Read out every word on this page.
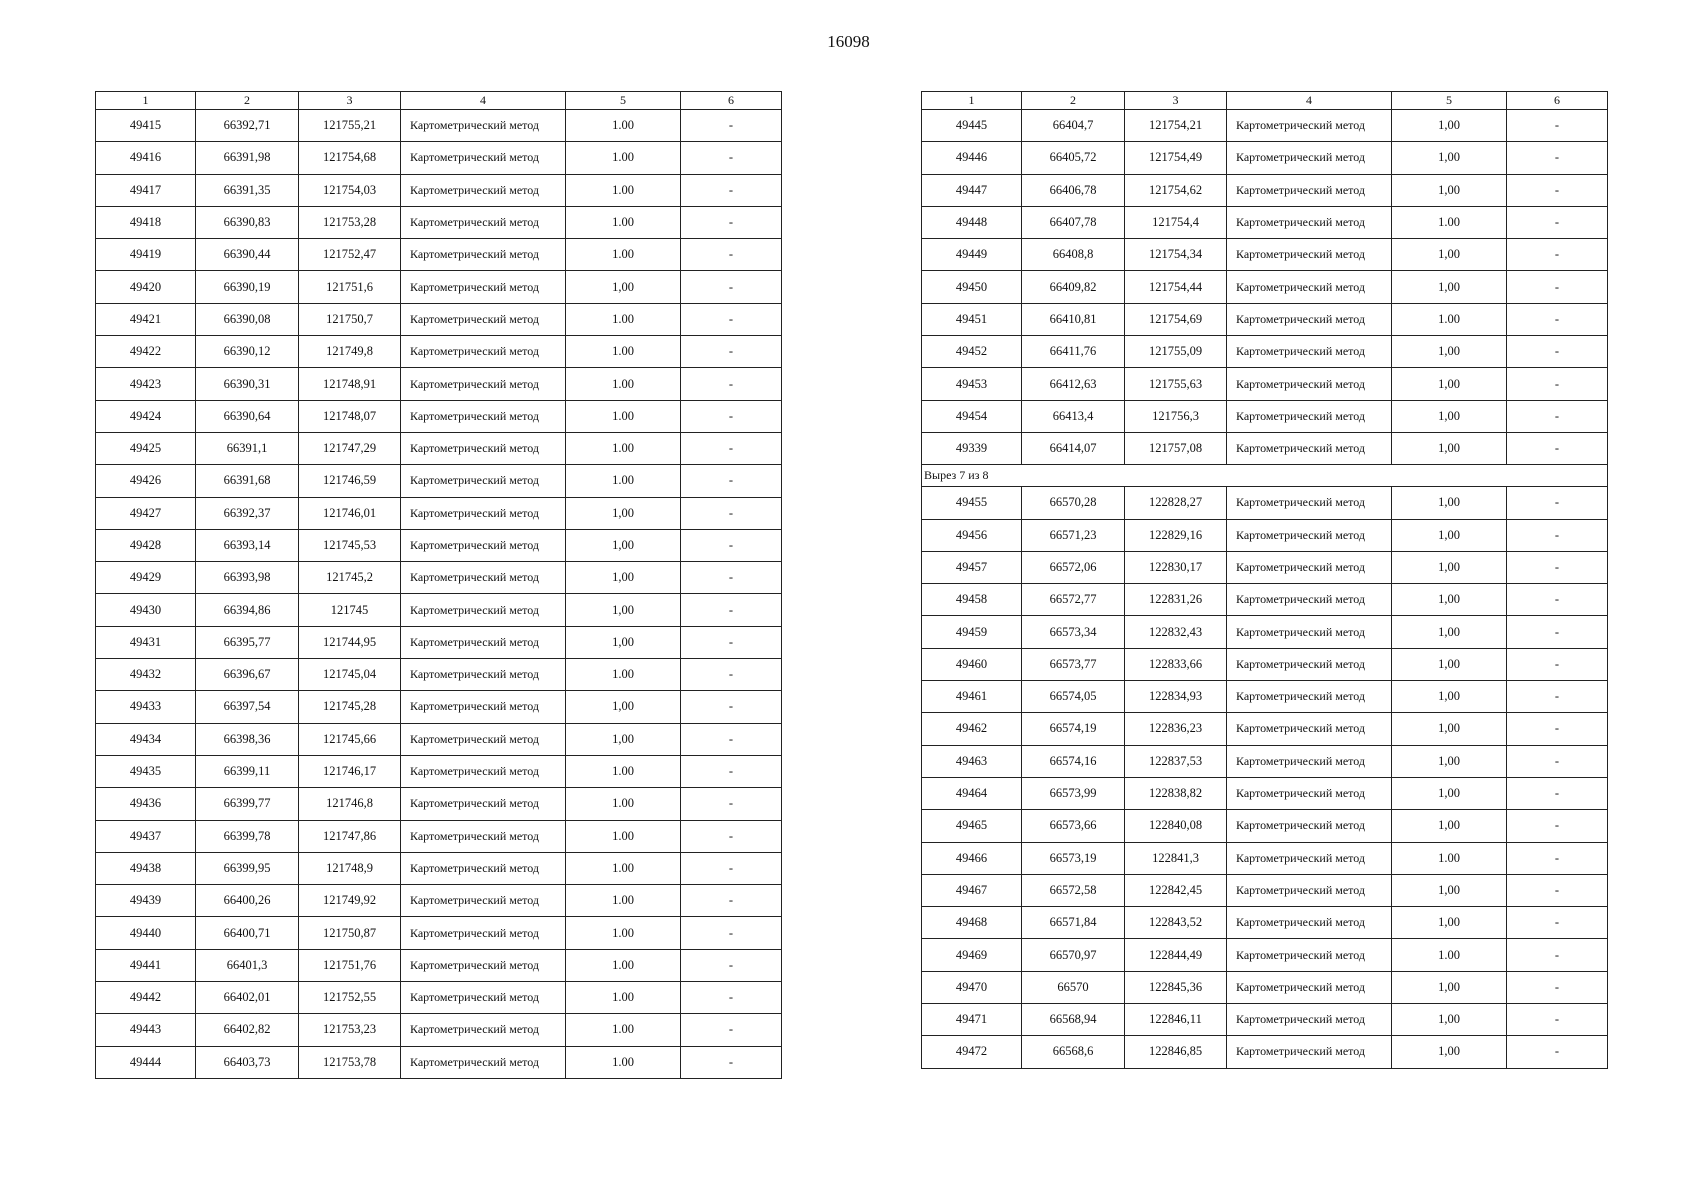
16098
1	2	3	4	5	6
49415	66392,71	121755,21	Картометрический метод	1.00	-
49416	66391,98	121754,68	Картометрический метод	1.00	-
49417	66391,35	121754,03	Картометрический метод	1.00	-
49418	66390,83	121753,28	Картометрический метод	1.00	-
49419	66390,44	121752,47	Картометрический метод	1.00	-
49420	66390,19	121751,6	Картометрический метод	1,00	-
49421	66390,08	121750,7	Картометрический метод	1.00	-
49422	66390,12	121749,8	Картометрический метод	1.00	-
49423	66390,31	121748,91	Картометрический метод	1.00	-
49424	66390,64	121748,07	Картометрический метод	1.00	-
49425	66391,1	121747,29	Картометрический метод	1.00	-
49426	66391,68	121746,59	Картометрический метод	1.00	-
49427	66392,37	121746,01	Картометрический метод	1,00	-
49428	66393,14	121745,53	Картометрический метод	1,00	-
49429	66393,98	121745,2	Картометрический метод	1,00	-
49430	66394,86	121745	Картометрический метод	1,00	-
49431	66395,77	121744,95	Картометрический метод	1,00	-
49432	66396,67	121745,04	Картометрический метод	1.00	-
49433	66397,54	121745,28	Картометрический метод	1,00	-
49434	66398,36	121745,66	Картометрический метод	1,00	-
49435	66399,11	121746,17	Картометрический метод	1.00	-
49436	66399,77	121746,8	Картометрический метод	1.00	-
49437	66399,78	121747,86	Картометрический метод	1.00	-
49438	66399,95	121748,9	Картометрический метод	1.00	-
49439	66400,26	121749,92	Картометрический метод	1.00	-
49440	66400,71	121750,87	Картометрический метод	1.00	-
49441	66401,3	121751,76	Картометрический метод	1.00	-
49442	66402,01	121752,55	Картометрический метод	1.00	-
49443	66402,82	121753,23	Картометрический метод	1.00	-
49444	66403,73	121753,78	Картометрический метод	1.00	-
1	2	3	4	5	6
49445	66404,7	121754,21	Картометрический метод	1,00	-
49446	66405,72	121754,49	Картометрический метод	1,00	-
49447	66406,78	121754,62	Картометрический метод	1,00	-
49448	66407,78	121754,4	Картометрический метод	1.00	-
49449	66408,8	121754,34	Картометрический метод	1,00	-
49450	66409,82	121754,44	Картометрический метод	1,00	-
49451	66410,81	121754,69	Картометрический метод	1.00	-
49452	66411,76	121755,09	Картометрический метод	1,00	-
49453	66412,63	121755,63	Картометрический метод	1,00	-
49454	66413,4	121756,3	Картометрический метод	1,00	-
49339	66414,07	121757,08	Картометрический метод	1,00	-
Вырез 7 из 8					
49455	66570,28	122828,27	Картометрический метод	1,00	-
49456	66571,23	122829,16	Картометрический метод	1,00	-
49457	66572,06	122830,17	Картометрический метод	1,00	-
49458	66572,77	122831,26	Картометрический метод	1,00	-
49459	66573,34	122832,43	Картометрический метод	1,00	-
49460	66573,77	122833,66	Картометрический метод	1,00	-
49461	66574,05	122834,93	Картометрический метод	1,00	-
49462	66574,19	122836,23	Картометрический метод	1,00	-
49463	66574,16	122837,53	Картометрический метод	1,00	-
49464	66573,99	122838,82	Картометрический метод	1,00	-
49465	66573,66	122840,08	Картометрический метод	1,00	-
49466	66573,19	122841,3	Картометрический метод	1.00	-
49467	66572,58	122842,45	Картометрический метод	1,00	-
49468	66571,84	122843,52	Картометрический метод	1,00	-
49469	66570,97	122844,49	Картометрический метод	1.00	-
49470	66570	122845,36	Картометрический метод	1,00	-
49471	66568,94	122846,11	Картометрический метод	1,00	-
49472	66568,6	122846,85	Картометрический метод	1,00	-
